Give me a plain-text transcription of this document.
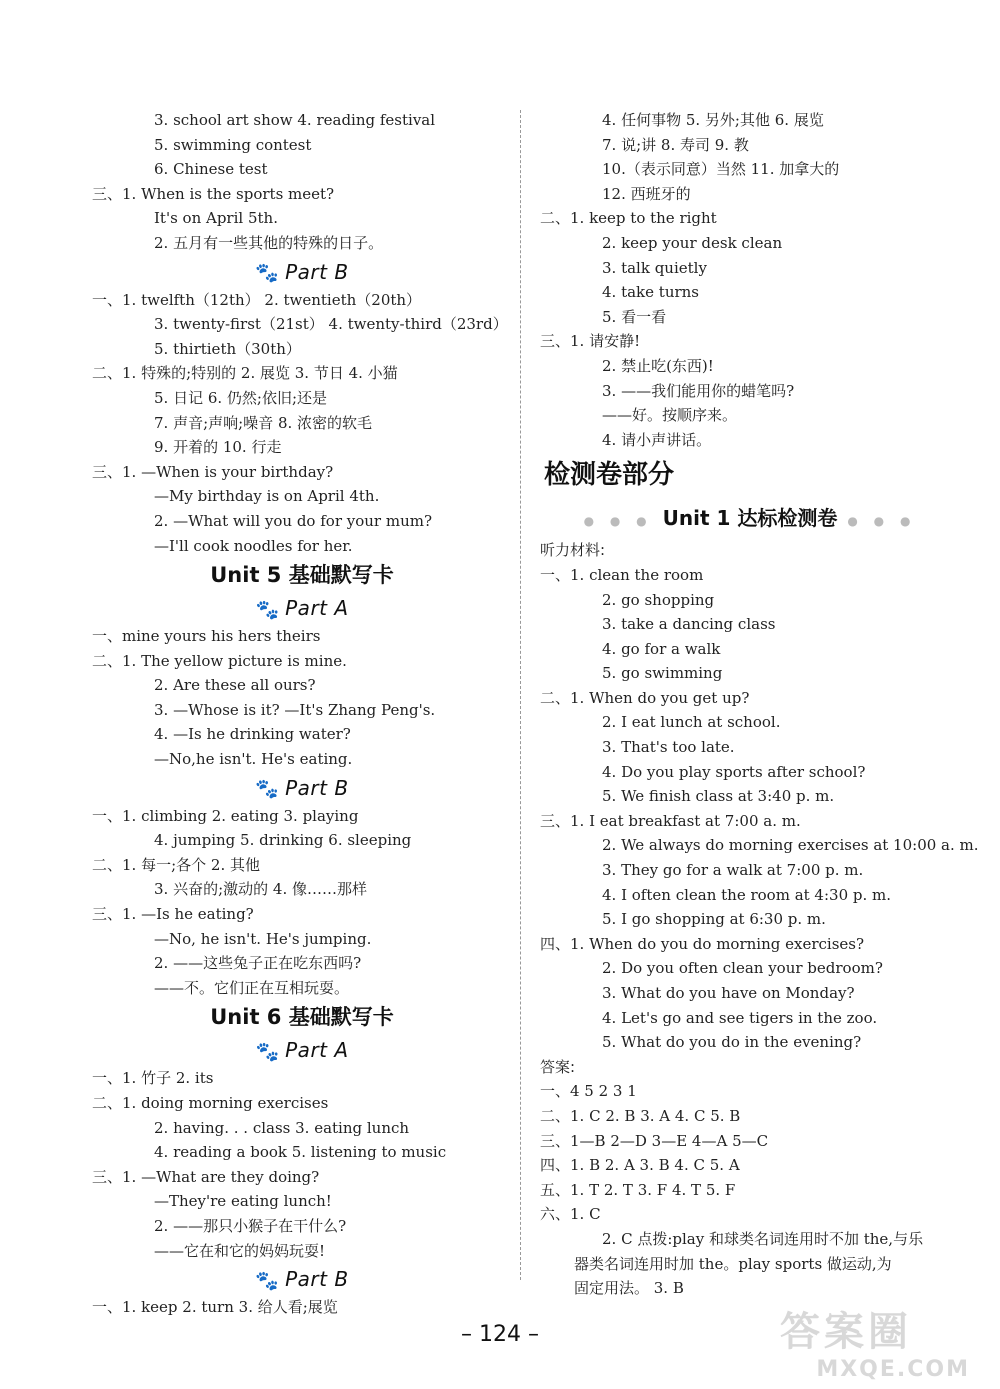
3. school art show 4. reading festival
5. swimming contest
6. Chinese test
三、1. When is the sports meet?
It's on April 5th.
2. 五月有一些其他的特殊的日子。
🐾 Part B
一、1. twelfth（12th） 2. twentieth（20th）
3. twenty-first（21st） 4. twenty-third（23rd）
5. thirtieth（30th）
二、1. 特殊的;特别的 2. 展览 3. 节日 4. 小猫
5. 日记 6. 仍然;依旧;还是
7. 声音;声响;噪音 8. 浓密的软毛
9. 开着的 10. 行走
三、1. —When is your birthday?
—My birthday is on April 4th.
2. —What will you do for your mum?
—I'll cook noodles for her.
Unit 5 基础默写卡
🐾 Part A
一、mine yours his hers theirs
二、1. The yellow picture is mine.
2. Are these all ours?
3. —Whose is it? —It's Zhang Peng's.
4. —Is he drinking water?
—No,he isn't. He's eating.
🐾 Part B
一、1. climbing 2. eating 3. playing
4. jumping 5. drinking 6. sleeping
二、1. 每一;各个 2. 其他
3. 兴奋的;激动的 4. 像……那样
三、1. —Is he eating?
—No, he isn't. He's jumping.
2. ——这些兔子正在吃东西吗?
——不。它们正在互相玩耍。
Unit 6 基础默写卡
🐾 Part A
一、1. 竹子 2. its
二、1. doing morning exercises
2. having. . . class 3. eating lunch
4. reading a book 5. listening to music
三、1. —What are they doing?
—They're eating lunch!
2. ——那只小猴子在干什么?
——它在和它的妈妈玩耍!
🐾 Part B
一、1. keep 2. turn 3. 给人看;展览
4. 任何事物 5. 另外;其他 6. 展览
7. 说;讲 8. 寿司 9. 教
10.（表示同意）当然 11. 加拿大的
12. 西班牙的
二、1. keep to the right
2. keep your desk clean
3. talk quietly
4. take turns
5. 看一看
三、1. 请安静!
2. 禁止吃(东西)!
3. ——我们能用你的蜡笔吗?
——好。按顺序来。
4. 请小声讲话。
检测卷部分
● ● ● Unit 1 达标检测卷 ● ● ●
听力材料:
一、1. clean the room
2. go shopping
3. take a dancing class
4. go for a walk
5. go swimming
二、1. When do you get up?
2. I eat lunch at school.
3. That's too late.
4. Do you play sports after school?
5. We finish class at 3:40 p. m.
三、1. I eat breakfast at 7:00 a. m.
2. We always do morning exercises at 10:00 a. m.
3. They go for a walk at 7:00 p. m.
4. I often clean the room at 4:30 p. m.
5. I go shopping at 6:30 p. m.
四、1. When do you do morning exercises?
2. Do you often clean your bedroom?
3. What do you have on Monday?
4. Let's go and see tigers in the zoo.
5. What do you do in the evening?
答案:
一、4 5 2 3 1
二、1. C 2. B 3. A 4. C 5. B
三、1—B 2—D 3—E 4—A 5—C
四、1. B 2. A 3. B 4. C 5. A
五、1. T 2. T 3. F 4. T 5. F
六、1. C
2. C 点拨:play 和球类名词连用时不加 the,与乐
器类名词连用时加 the。play sports 做运动,为
固定用法。 3. B
– 124 –	答案圈
MXQE.COM
